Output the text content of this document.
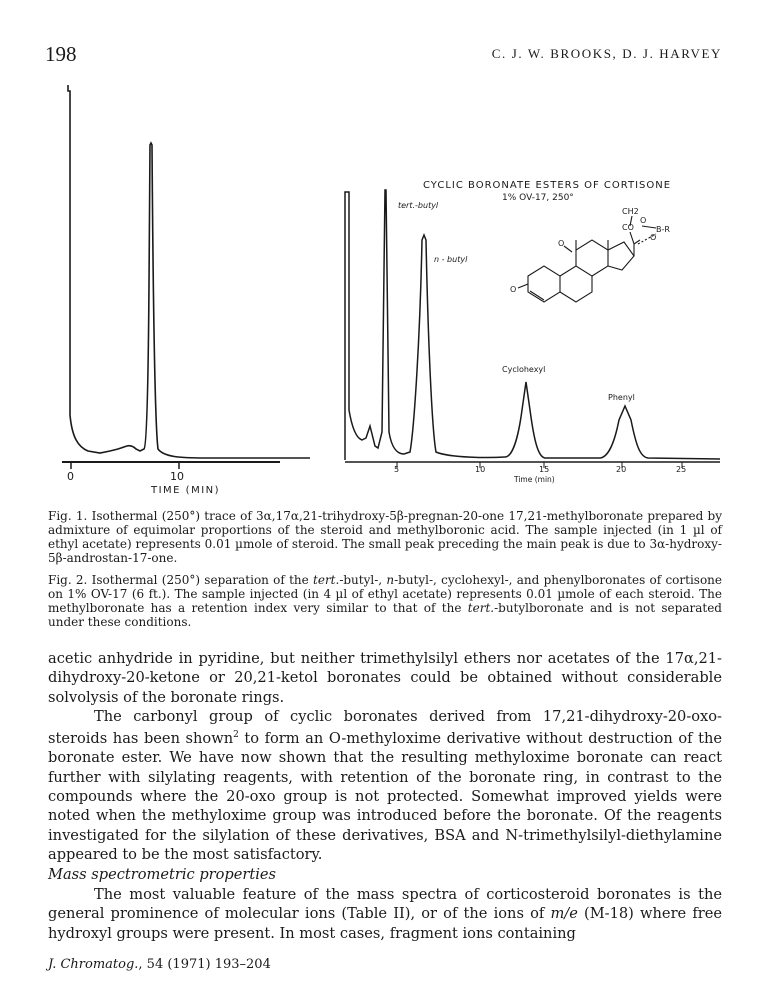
198	C. J. W. BROOKS, D. J. HARVEY
0	10
TIME (MIN)
CYCLIC BORONATE ESTERS OF CORTISONE
1% OV-17, 250°
5	10	15	20	25
Time (min)
tert.-butyl
n - butyl
Cyclohexyl
Phenyl
CH2
O
CO	B-R
O
O
O
Fig. 1. Isothermal (250°) trace of 3α,17α,21-trihydroxy-5β-pregnan-20-one 17,21-methylboronate prepared by admixture of equimolar proportions of the steroid and methylboronic acid. The sample injected (in 1 µl of ethyl acetate) represents 0.01 µmole of steroid. The small peak preceding the main peak is due to 3α-hydroxy-5β-androstan-17-one.
Fig. 2. Isothermal (250°) separation of the tert.-butyl-, n-butyl-, cyclohexyl-, and phenylboronates of cortisone on 1% OV-17 (6 ft.). The sample injected (in 4 µl of ethyl acetate) represents 0.01 µmole of each steroid. The methylboronate has a retention index very similar to that of the tert.-butylboronate and is not separated under these conditions.

acetic anhydride in pyridine, but neither trimethylsilyl ethers nor acetates of the 17α,21-dihydroxy-20-ketone or 20,21-ketol boronates could be obtained without considerable solvolysis of the boronate rings.

The carbonyl group of cyclic boronates derived from 17,21-dihydroxy-20-oxo-steroids has been shown$^2$ to form an O-methyloxime derivative without destruction of the boronate ester. We have now shown that the resulting methyloxime boronate can react further with silylating reagents, with retention of the boronate ring, in contrast to the compounds where the 20-oxo group is not protected. Somewhat improved yields were noted when the methyloxime group was introduced before the boronate. Of the reagents investigated for the silylation of these derivatives, BSA and N-trimethylsilyl-diethylamine appeared to be the most satisfactory.

Mass spectrometric properties

The most valuable feature of the mass spectra of corticosteroid boronates is the general prominence of molecular ions (Table II), or of the ions of m/e (M-18) where free hydroxyl groups were present. In most cases, fragment ions containing

J. Chromatog., 54 (1971) 193–204
